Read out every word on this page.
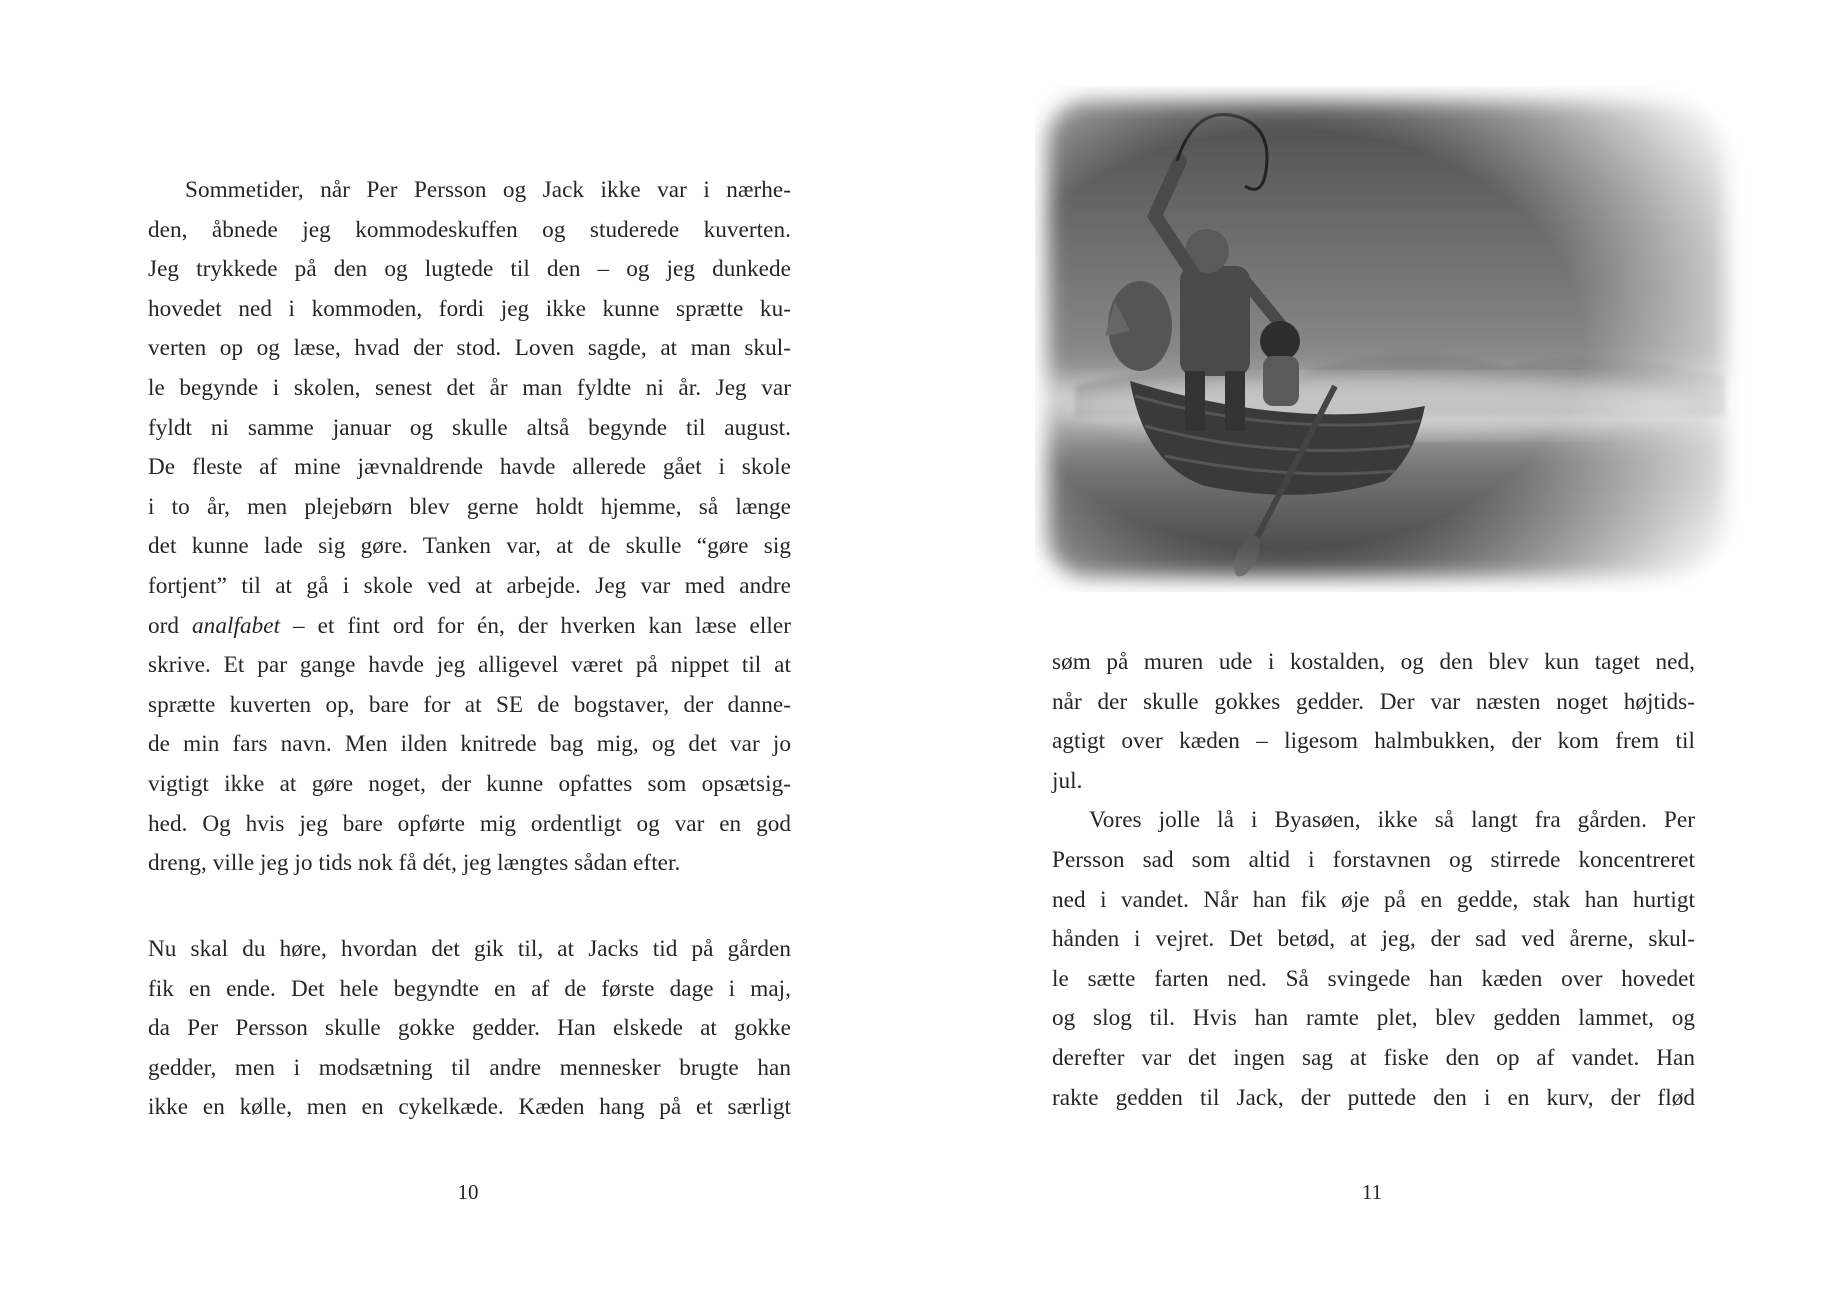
Sommetider, når Per Persson og Jack ikke var i nærhe-
den, åbnede jeg kommodeskuffen og studerede kuverten.
Jeg trykkede på den og lugtede til den – og jeg dunkede
hovedet ned i kommoden, fordi jeg ikke kunne sprætte ku-
verten op og læse, hvad der stod. Loven sagde, at man skul-
le begynde i skolen, senest det år man fyldte ni år. Jeg var
fyldt ni samme januar og skulle altså begynde til august.
De fleste af mine jævnaldrende havde allerede gået i skole
i to år, men plejebørn blev gerne holdt hjemme, så længe
det kunne lade sig gøre. Tanken var, at de skulle “gøre sig
fortjent” til at gå i skole ved at arbejde. Jeg var med andre
ord analfabet – et fint ord for én, der hverken kan læse eller
skrive. Et par gange havde jeg alligevel været på nippet til at
sprætte kuverten op, bare for at SE de bogstaver, der danne-
de min fars navn. Men ilden knitrede bag mig, og det var jo
vigtigt ikke at gøre noget, der kunne opfattes som opsætsig-
hed. Og hvis jeg bare opførte mig ordentligt og var en god
dreng, ville jeg jo tids nok få dét, jeg længtes sådan efter.
Nu skal du høre, hvordan det gik til, at Jacks tid på gården
fik en ende. Det hele begyndte en af de første dage i maj,
da Per Persson skulle gokke gedder. Han elskede at gokke
gedder, men i modsætning til andre mennesker brugte han
ikke en kølle, men en cykelkæde. Kæden hang på et særligt
10
søm på muren ude i kostalden, og den blev kun taget ned,
når der skulle gokkes gedder. Der var næsten noget højtids-
agtigt over kæden – ligesom halmbukken, der kom frem til
jul.
Vores jolle lå i Byasøen, ikke så langt fra gården. Per
Persson sad som altid i forstavnen og stirrede koncentreret
ned i vandet. Når han fik øje på en gedde, stak han hurtigt
hånden i vejret. Det betød, at jeg, der sad ved årerne, skul-
le sætte farten ned. Så svingede han kæden over hovedet
og slog til. Hvis han ramte plet, blev gedden lammet, og
derefter var det ingen sag at fiske den op af vandet. Han
rakte gedden til Jack, der puttede den i en kurv, der flød
11
